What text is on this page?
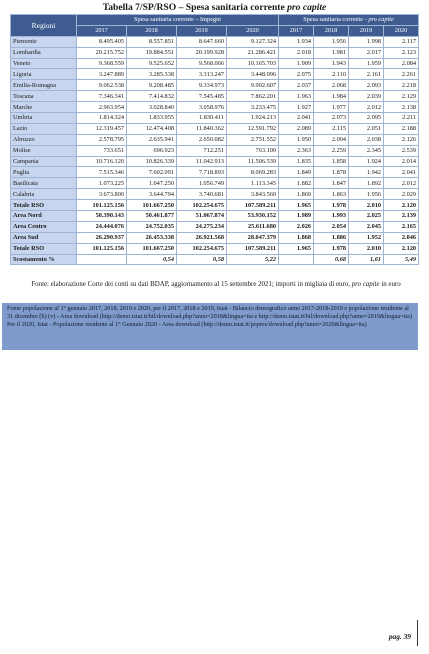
Tabella 7/SP/RSO – Spesa sanitaria corrente pro capite
Regioni	Spesa sanitaria corrente – Impegni				Spesa sanitaria corrente - pro capite			
	2017	2018	2019	2020	2017	2018	2019	2020
Piemonte	8.495.405	8.557.851	8.647.660	9.127.324	1.934	1.956	1.998	2.117
Lombardia	20.215.752	19.884.551	20.199.928	21.286.421	2.018	1.981	2.017	2.123
Veneto	9.368.559	9.525.652	9.568.066	10.165.703	1.909	1.943	1.959	2.084
Liguria	3.247.889	3.285.338	3.313.247	3.448.096	2.075	2.110	2.161	2.261
Emilia-Romagna	9.062.538	9.208.485	9.334.973	9.902.607	2.037	2.068	2.093	2.218
Toscana	7.346.341	7.414.832	7.545.485	7.862.201	1.963	1.984	2.039	2.129
Marche	2.963.954	3.028.840	3.058.976	3.233.475	1.927	1.977	2.012	2.138
Umbria	1.814.324	1.833.955	1.830.411	1.924.213	2.041	2.073	2.095	2.211
Lazio	12.319.457	12.474.408	11.840.362	12.591.792	2.089	2.115	2.051	2.188
Abruzzo	2.578.795	2.635.941	2.650.082	2.751.552	1.950	2.004	2.038	2.126
Molise	733.651	696.923	712.251	763.100	2.363	2.259	2.345	2.539
Campania	10.716.120	10.826.339	11.042.913	11.506.539	1.835	1.858	1.924	2.014
Puglia	7.515.346	7.602.091	7.718.893	8.069.283	1.849	1.878	1.942	2.041
Basilicata	1.073.225	1.047.250	1.056.749	1.113.345	1.882	1.847	1.892	2.012
Calabria	3.673.800	3.644.794	3.740.681	3.843.560	1.869	1.863	1.956	2.029
Totale RSO	101.125.156	101.667.250	102.254.675	107.589.211	1.965	1.978	2.010	2.120
Area Nord	50.390.143	50.461.877	51.067.874	53.930.152	1.989	1.993	2.025	2.139
Area Centro	24.444.076	24.752.035	24.275.234	25.611.680	2.026	2.054	2.045	2.165
Area Sud	26.290.937	26.453.338	26.921.568	28.047.379	1.868	1.886	1.952	2.046
Totale RSO	101.125.156	101.667.250	102.254.675	107.589.211	1.965	1.978	2.010	2.120
Scostamento %		0,54	0,58	5,22		0,68	1,61	5,49
Fonte: elaborazione Corte dei conti su dati BDAP, aggiornamento al 15 settembre 2021; importi in migliaia di euro, pro capite in euro

Fonte popolazione al 1° gennaio 2017, 2018, 2019 e 2020, per il 2017, 2018 e 2019, Istat - Bilancio demografico anno 2017-2018-2019 e popolazione residente al 31 dicembre (b) (v) - Area download (http://demo.istat.it/bil/download.php?anno=2018&lingua=ita e http://demo.istat.it/bil/download.php?anno=2019&lingua=ita)

Per il 2020, Istat - Popolazione residente al 1° Gennaio 2020 - Area download (http://demo.istat.it/popres/download.php?anno=2020&lingua=ita)

pag. 39
